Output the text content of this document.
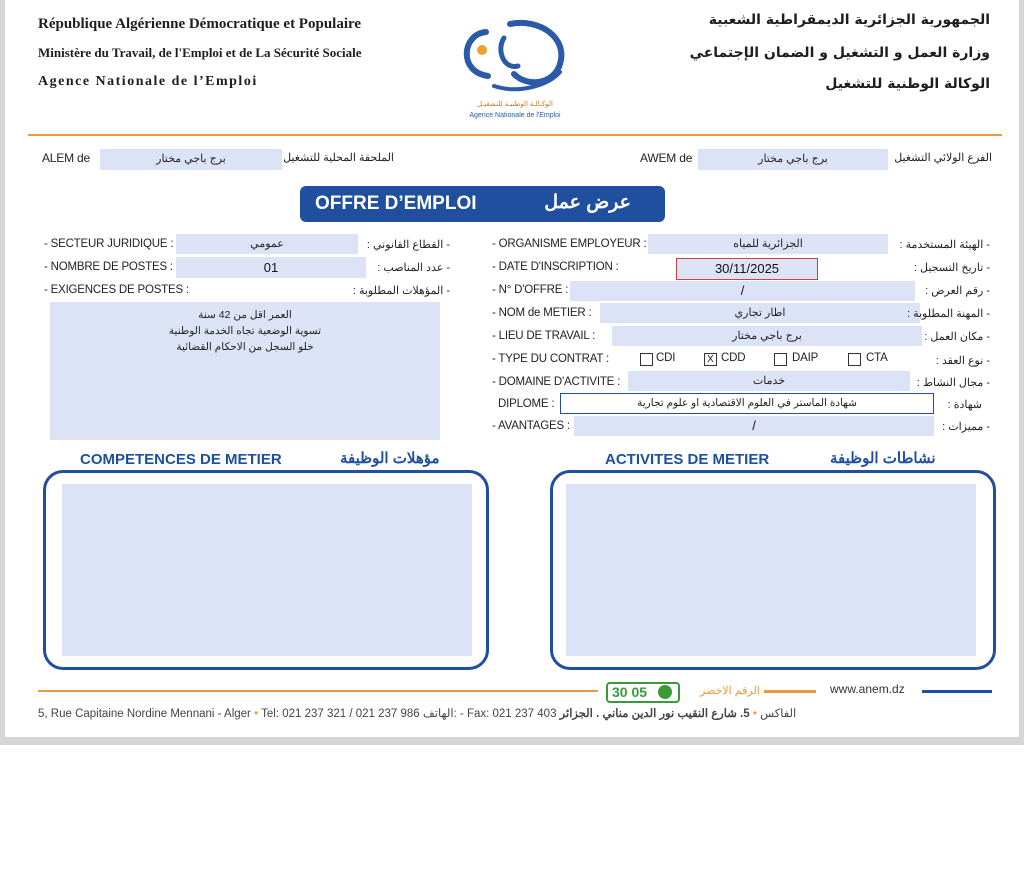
République Algérienne Démocratique et Populaire
Ministère du Travail, de l'Emploi et de La Sécurité Sociale
Agence Nationale de l’Emploi
الوكـالـة الوطنيـة للتشغيـل
Agence Nationale de l'Emploi
الجمهورية الجزائرية الديمقراطية الشعبية
وزارة العمل و التشغيل و الضمان الإجتماعي
الوكالة الوطنية للتشغيل
ALEM de	برج باجي مختار	الملحقة المحلية للتشغيل	AWEM de	برج باجي مختار	الفرع الولائي التشغيل
OFFRE D’EMPLOI	عرض عمل
- SECTEUR JURIDIQUE :	عمومي	- القطاع القانوني :
- NOMBRE DE POSTES :	01	- عدد المناصب :
- EXIGENCES DE POSTES :	- المؤهلات المطلوبة :
العمر اقل من 42 سنة
تسوية الوضعية تجاه الخدمة الوطنية
خلو السجل من الاحكام القضائية
- ORGANISME EMPLOYEUR :	الجزائرية للمياه	- الهيئة المستخدمة :
- DATE D'INSCRIPTION :	30/11/2025	- تاريخ التسجيل :
- N° D'OFFRE :	/	- رقم العرض :
- NOM de METIER :	اطار تجاري	- المهنة المطلوبة :
- LIEU DE TRAVAIL :	برج باجي مختار	- مكان العمل :
- TYPE DU CONTRAT :	CDI	X CDD	DAIP	CTA	- نوع العقد :
- DOMAINE D'ACTIVITE :	خدمات	- مجال النشاط :
DIPLOME :	شهادة الماستر في العلوم الاقتصادية او علوم تجارية	شهادة :
- AVANTAGES :	/	- مميزات :
COMPETENCES DE METIER	مؤهلات الوظيفة	ACTIVITES DE METIER	نشاطات الوظيفة
30 05	الرقم الاخضر	www.anem.dz
5, Rue Capitaine Nordine Mennani - Alger • Tel: 021 237 321 / 021 237 986 الهاتف: - Fax: 021 237 403	الفاكس • 5. شارع النقيب نور الدين مناني . الجزائر
